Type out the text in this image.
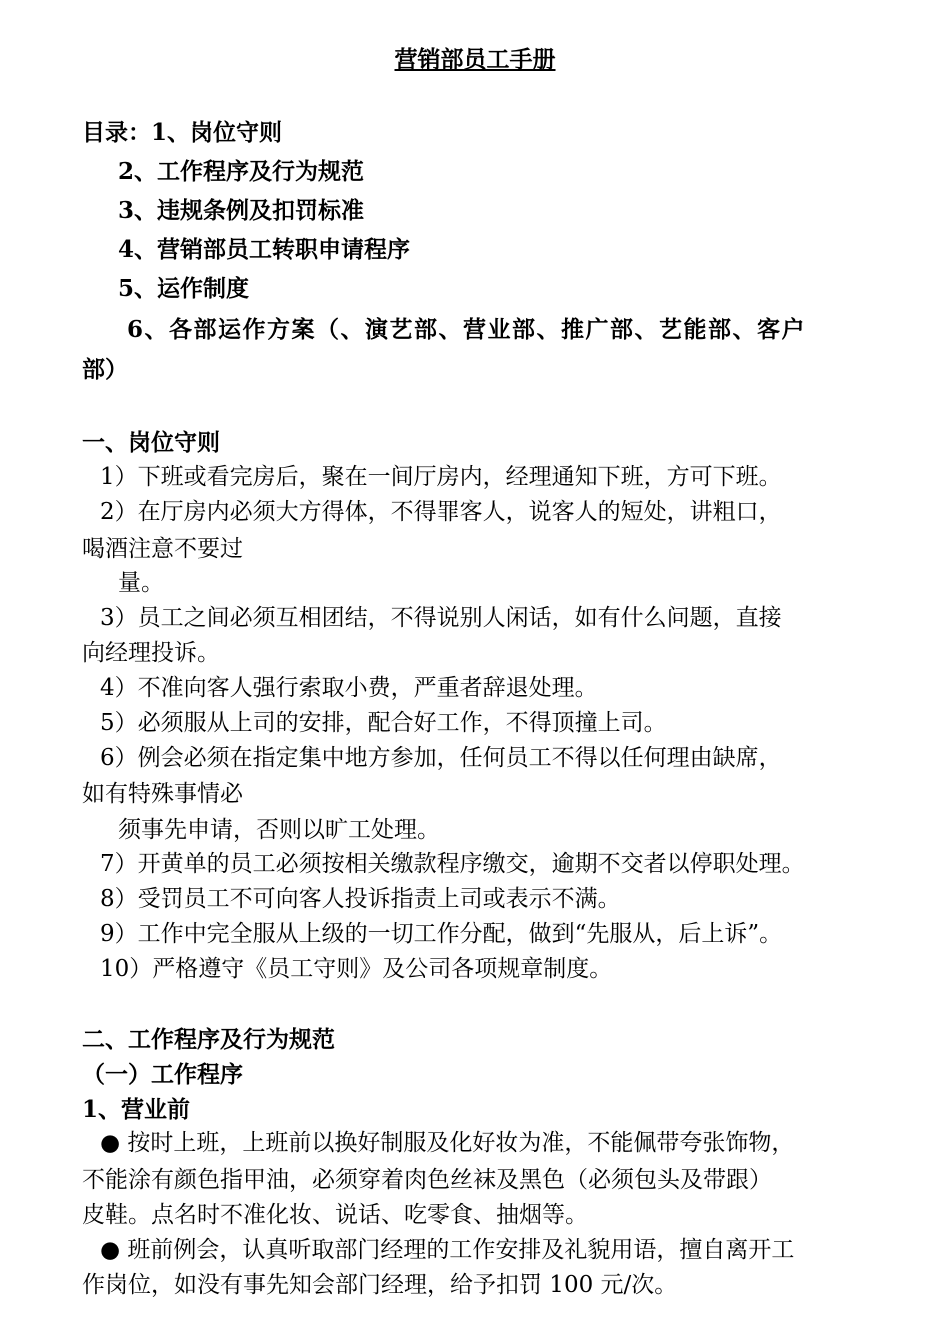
营销部员工手册
目录：1、岗位守则
2、工作程序及行为规范
3、违规条例及扣罚标准
4、营销部员工转职申请程序
5、运作制度
6、各部运作方案（、演艺部、营业部、推广部、艺能部、客户
部）
一、岗位守则
1）下班或看完房后，聚在一间厅房内，经理通知下班，方可下班。
2）在厅房内必须大方得体，不得罪客人，说客人的短处，讲粗口，
喝酒注意不要过
量。
3）员工之间必须互相团结，不得说别人闲话，如有什么问题，直接
向经理投诉。
4）不准向客人强行索取小费，严重者辞退处理。
5）必须服从上司的安排，配合好工作，不得顶撞上司。
6）例会必须在指定集中地方参加，任何员工不得以任何理由缺席，
如有特殊事情必
须事先申请，否则以旷工处理。
7）开黄单的员工必须按相关缴款程序缴交，逾期不交者以停职处理。
8）受罚员工不可向客人投诉指责上司或表示不满。
9）工作中完全服从上级的一切工作分配，做到“先服从，后上诉”。
10）严格遵守《员工守则》及公司各项规章制度。
二、工作程序及行为规范
（一）工作程序
1、营业前
● 按时上班，上班前以换好制服及化好妆为准，不能佩带夸张饰物，
不能涂有颜色指甲油，必须穿着肉色丝袜及黑色（必须包头及带跟）
皮鞋。点名时不准化妆、说话、吃零食、抽烟等。
● 班前例会，认真听取部门经理的工作安排及礼貌用语，擅自离开工
作岗位，如没有事先知会部门经理，给予扣罚 100 元/次。
